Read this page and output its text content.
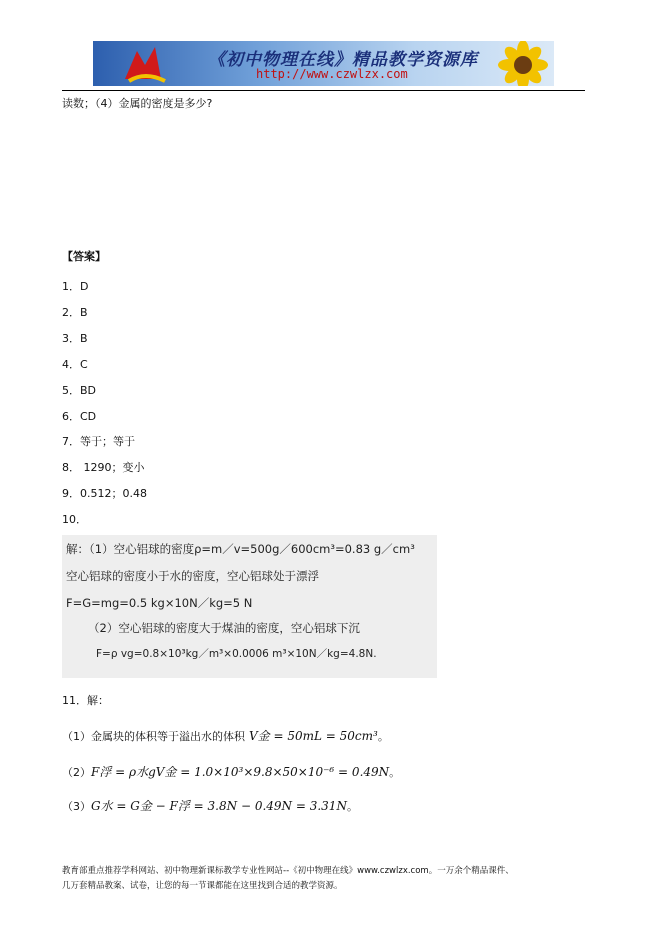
《初中物理在线》精品教学资源库
http://www.czwlzx.com
读数；（4）金属的密度是多少?
【答案】
1．D
2．B
3．B
4．C
5．BD
6．CD
7．等于；等于
8． 1290；变小
9．0.512；0.48
10．
解：（1）空心铝球的密度ρ=m／v=500g／600cm³=0.83 g／cm³
空心铝球的密度小于水的密度，空心铝球处于漂浮
F=G=mg=0.5 kg×10N／kg=5 N
（2）空心铝球的密度大于煤油的密度，空心铝球下沉
F=ρ vg=0.8×10³kg／m³×0.0006 m³×10N／kg=4.8N.
11．解：
（1）金属块的体积等于溢出水的体积 V金 = 50mL = 50cm³。
（2）F浮 = ρ水gV金 = 1.0×10³×9.8×50×10⁻⁶ = 0.49N。
（3）G水 = G金 − F浮 = 3.8N − 0.49N = 3.31N。
教育部重点推荐学科网站、初中物理新课标教学专业性网站--《初中物理在线》www.czwlzx.com。一万余个精品课件、
几万套精品教案、试卷，让您的每一节课都能在这里找到合适的教学资源。
